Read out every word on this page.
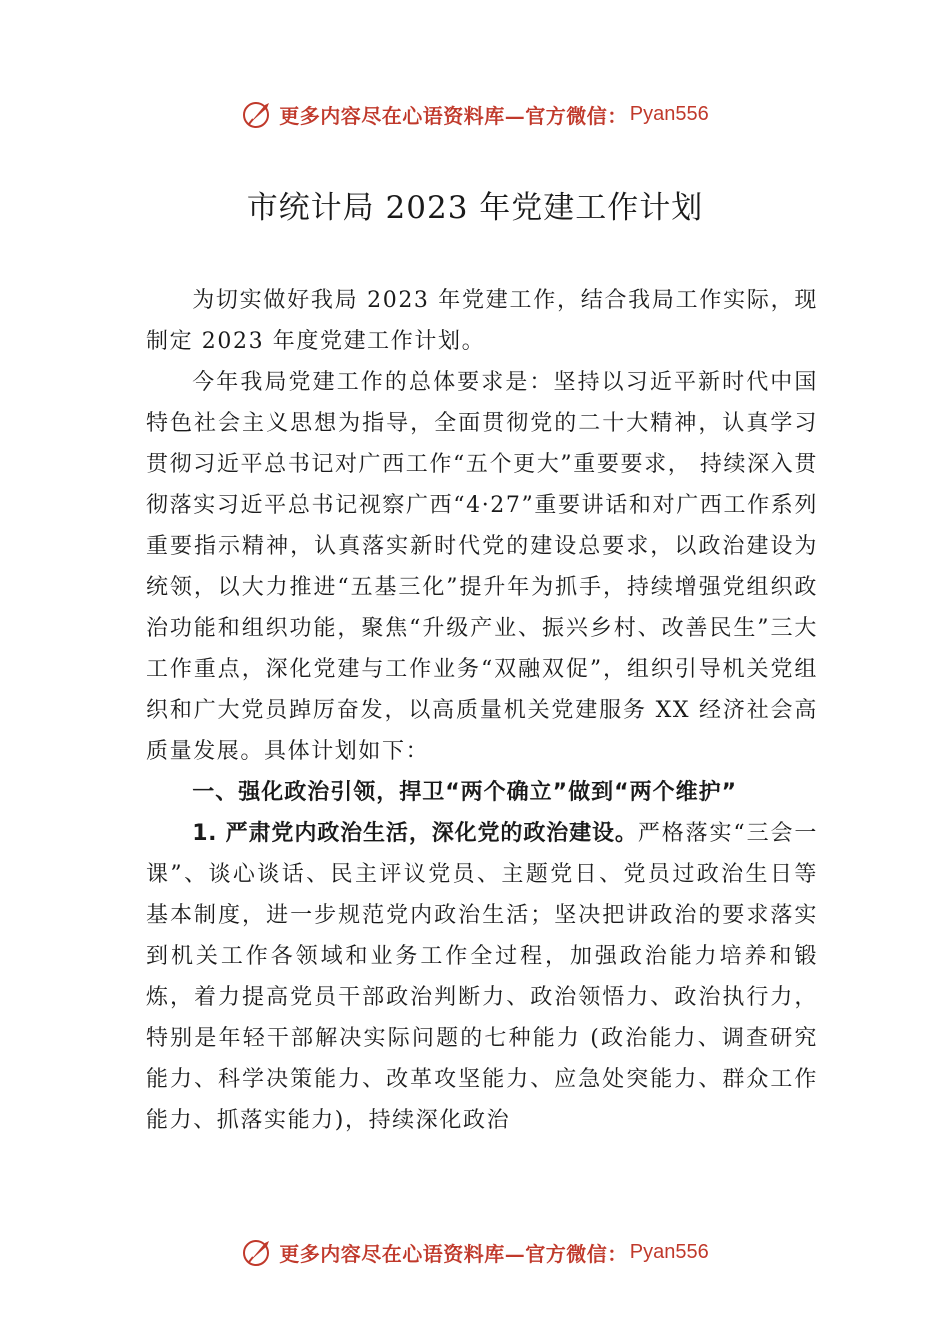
更多内容尽在心语资料库—官方微信： Pyan556
市统计局 2023 年党建工作计划

为切实做好我局 2023 年党建工作，结合我局工作实际，现制定 2023 年度党建工作计划。

今年我局党建工作的总体要求是：坚持以习近平新时代中国特色社会主义思想为指导，全面贯彻党的二十大精神，认真学习贯彻习近平总书记对广西工作“五个更大”重要要求， 持续深入贯彻落实习近平总书记视察广西“4·27”重要讲话和对广西工作系列重要指示精神，认真落实新时代党的建设总要求，以政治建设为统领，以大力推进“五基三化”提升年为抓手，持续增强党组织政治功能和组织功能，聚焦“升级产业、振兴乡村、改善民生”三大工作重点，深化党建与工作业务“双融双促”，组织引导机关党组织和广大党员踔厉奋发，以高质量机关党建服务 XX 经济社会高质量发展。具体计划如下：

一、强化政治引领，捍卫“两个确立”做到“两个维护”

1. 严肃党内政治生活，深化党的政治建设。严格落实“三会一课”、谈心谈话、民主评议党员、主题党日、党员过政治生日等基本制度，进一步规范党内政治生活；坚决把讲政治的要求落实到机关工作各领域和业务工作全过程，加强政治能力培养和锻炼，着力提高党员干部政治判断力、政治领悟力、政治执行力，特别是年轻干部解决实际问题的七种能力 (政治能力、调查研究能力、科学决策能力、改革攻坚能力、应急处突能力、群众工作能力、抓落实能力)，持续深化政治

更多内容尽在心语资料库—官方微信： Pyan556
